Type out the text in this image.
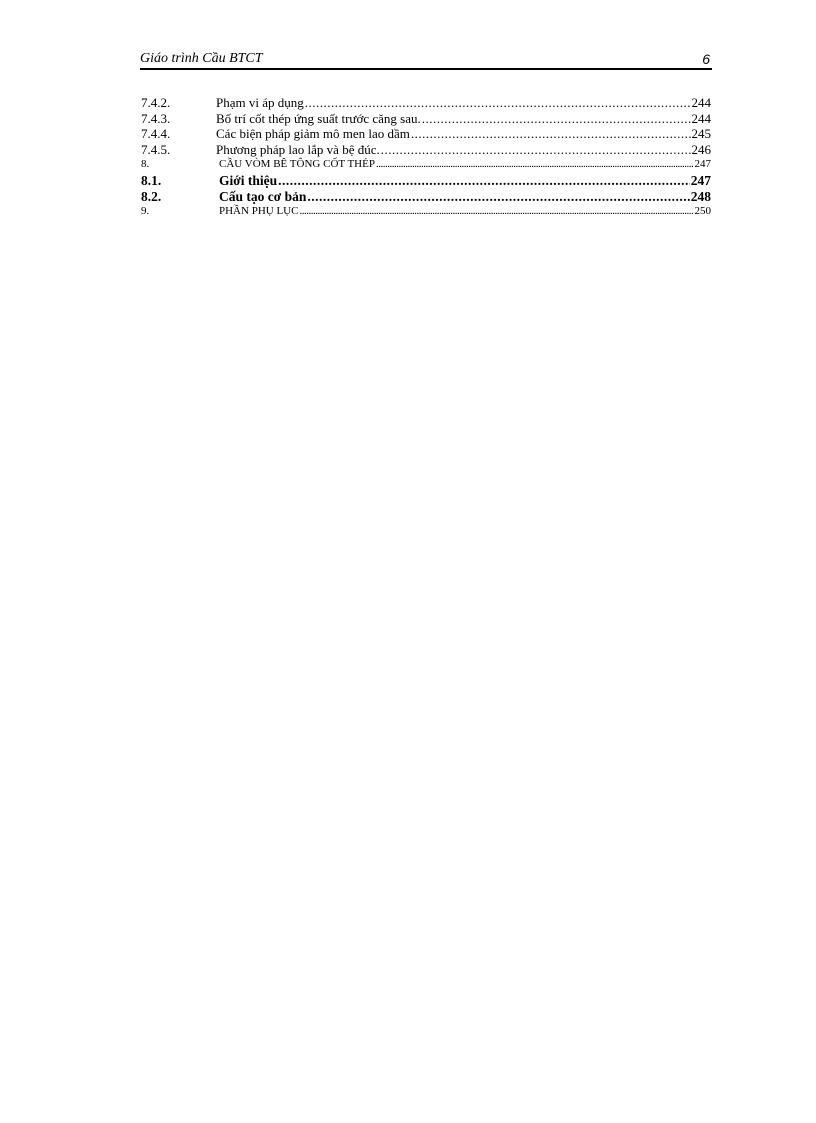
Giáo trình Cầu BTCT	6
7.4.2.	Phạm vi áp dụng .....	244
7.4.3.	Bố trí cốt thép ứng suất trước căng sau. .....	244
7.4.4.	Các biện pháp giảm mô men lao dầm .....	245
7.4.5.	Phương pháp lao lắp và bệ đúc. .....	246
8.	CẦU VÒM BÊ TÔNG CỐT THÉP .....	247
8.1.	Giới thiệu .....	247
8.2.	Cấu tạo cơ bản .....	248
9.	PHẦN PHỤ LỤC .....	250
